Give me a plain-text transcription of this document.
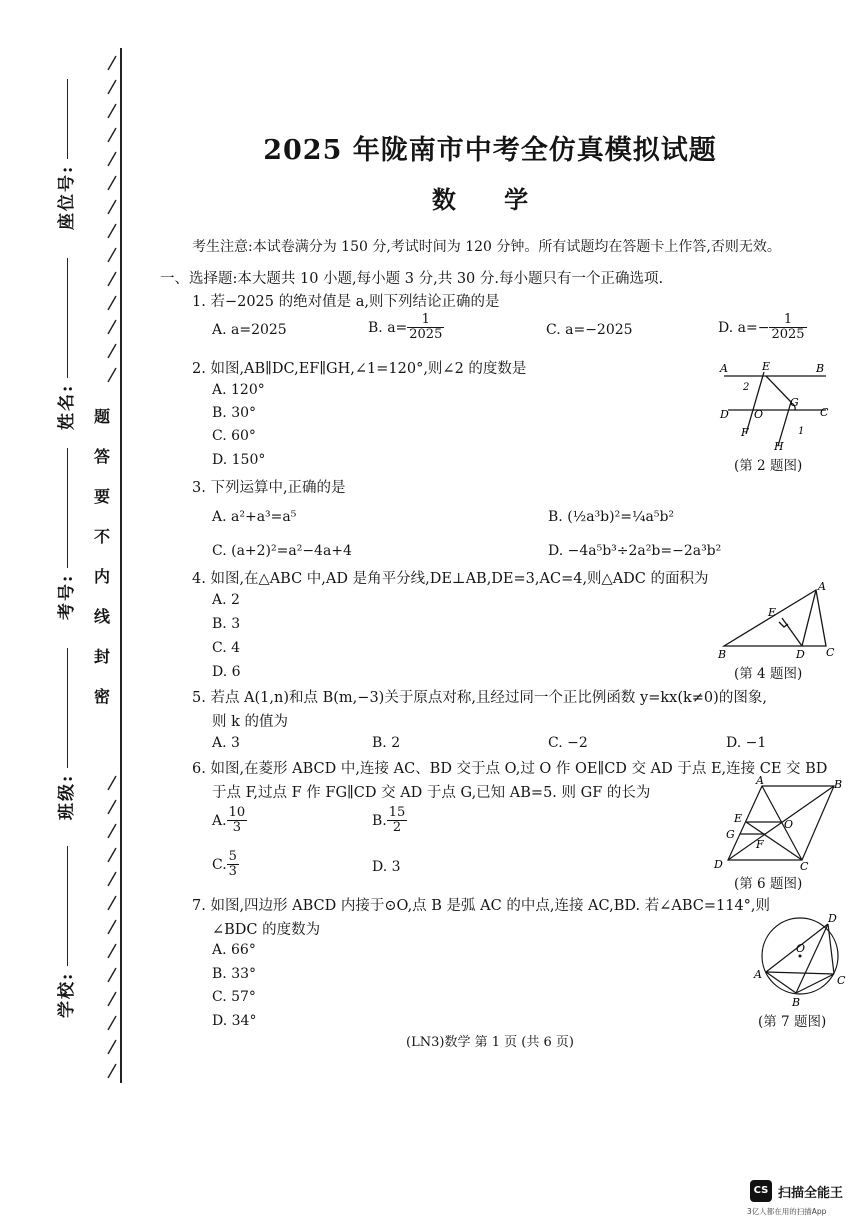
座位号:
姓名:
考号:
班级:
学校:
题
答
要
不
内
线
封
密
2025 年陇南市中考全仿真模拟试题
数 学
考生注意:本试卷满分为 150 分,考试时间为 120 分钟。所有试题均在答题卡上作答,否则无效。
一、选择题:本大题共 10 小题,每小题 3 分,共 30 分.每小题只有一个正确选项.
1. 若−2025 的绝对值是 a,则下列结论正确的是
A. a=2025	B. $a= \frac{1}{2025}$	C. a=−2025	D. $a=- \frac{1}{2025}$
2. 如图,AB∥DC,EF∥GH,∠1=120°,则∠2 的度数是
A. 120°
B. 30°
C. 60°
D. 150°
A	E	B
2
D O
G
C
F	1
H
(第 2 题图)
3. 下列运算中,正确的是
A. a²+a³=a⁵	B. (½a³b)²=¼a⁵b²
C. (a+2)²=a²−4a+4	D. −4a⁵b³÷2a²b=−2a³b²
4. 如图,在△ABC 中,AD 是角平分线,DE⊥AB,DE=3,AC=4,则△ADC 的面积为
A. 2
B. 3
C. 4
D. 6
A
E
B	D C
(第 4 题图)
5. 若点 A(1,n)和点 B(m,−3)关于原点对称,且经过同一个正比例函数 y=kx(k≠0)的图象,
则 k 的值为
A. 3	B. 2	C. −2	D. −1
6. 如图,在菱形 ABCD 中,连接 AC、BD 交于点 O,过 O 作 OE∥CD 交 AD 于点 E,连接 CE 交 BD
于点 F,过点 F 作 FG∥CD 交 AD 于点 G,已知 AB=5. 则 GF 的长为
A. $\frac{10}{3}$	B. $\frac{15}{2}$
C. $\frac{5}{3}$	D. 3
A	B
E
G
O
F
D	C
(第 6 题图)
7. 如图,四边形 ABCD 内接于⊙O,点 B 是弧 AC 的中点,连接 AC,BD. 若∠ABC=114°,则
∠BDC 的度数为
A. 66°
B. 33°
C. 57°
D. 34°
D
O
A	C
B
(第 7 题图)
(LN3)数学 第 1 页 (共 6 页)
CS 扫描全能王
3亿人都在用的扫描App
